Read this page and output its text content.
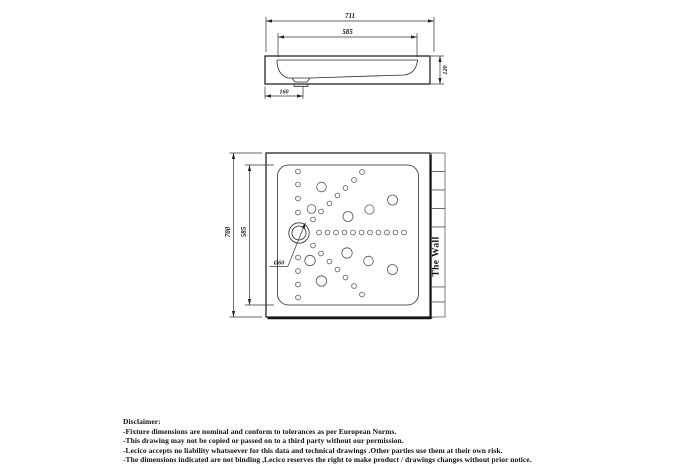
711
585
120
160
The Wall
700 585
Ø60

Disclaimer:

-Fixture dimensions are nominal and conform to tolerances as per European Norms.

-This drawing may not be copied or passed on to a third party without our permission.

-Lecico accepts no liability whatsoever for this data and technical drawings .Other parties use them at their own risk.

-The dimensions indicated are not binding ,Lecico reserves the right to make product / drawings changes without prior notice.
